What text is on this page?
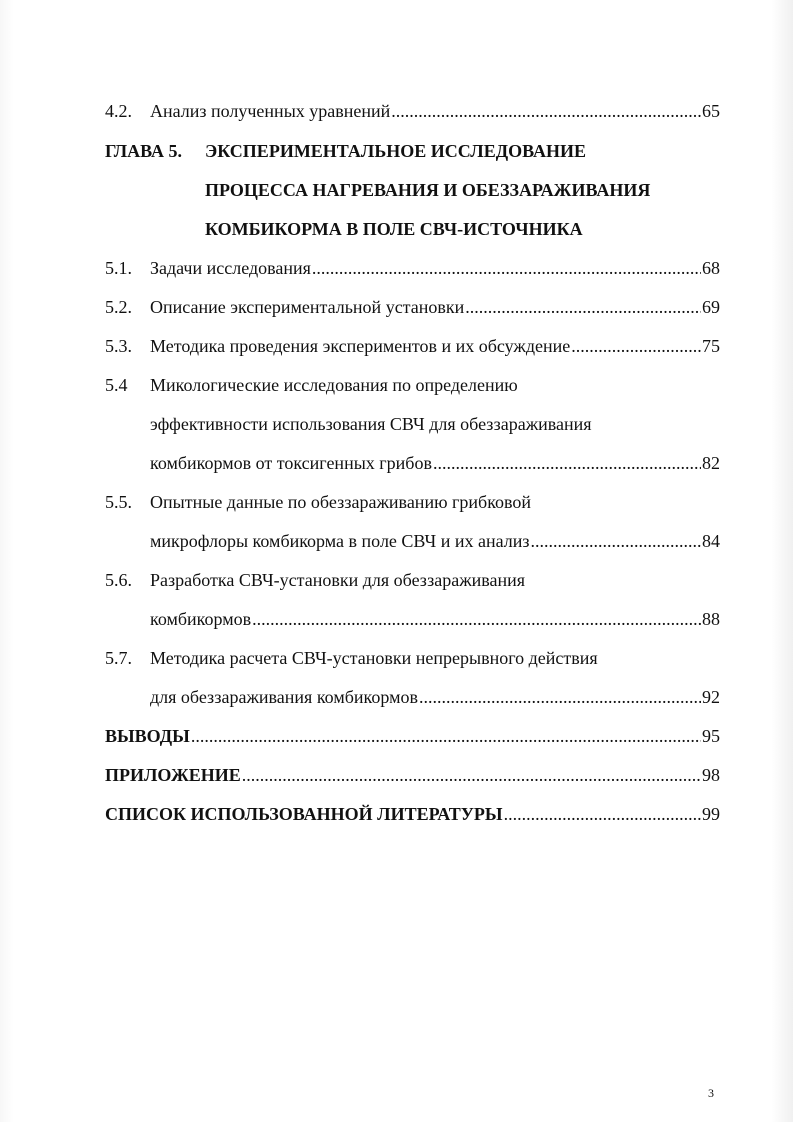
4.2.	Анализ полученных уравнений .....	65
ГЛАВА 5. ЭКСПЕРИМЕНТАЛЬНОЕ ИССЛЕДОВАНИЕ
ПРОЦЕССА НАГРЕВАНИЯ И ОБЕЗЗАРАЖИВАНИЯ
КОМБИКОРМА В ПОЛЕ СВЧ-ИСТОЧНИКА
5.1.	Задачи исследования .....	68
5.2.	Описание экспериментальной установки .....	69
5.3.	Методика проведения экспериментов и их обсуждение .....	75
5.4	Микологические исследования по определению
эффективности использования СВЧ для обеззараживания
комбикормов от токсигенных грибов .....	82
5.5.	Опытные данные по обеззараживанию грибковой
микрофлоры комбикорма в поле СВЧ и их анализ .....	84
5.6.	Разработка СВЧ-установки для обеззараживания
комбикормов .....	88
5.7.	Методика расчета СВЧ-установки непрерывного действия
для обеззараживания комбикормов .....	92
ВЫВОДЫ .....	95
ПРИЛОЖЕНИЕ .....	98
СПИСОК ИСПОЛЬЗОВАННОЙ ЛИТЕРАТУРЫ .....	99
3
